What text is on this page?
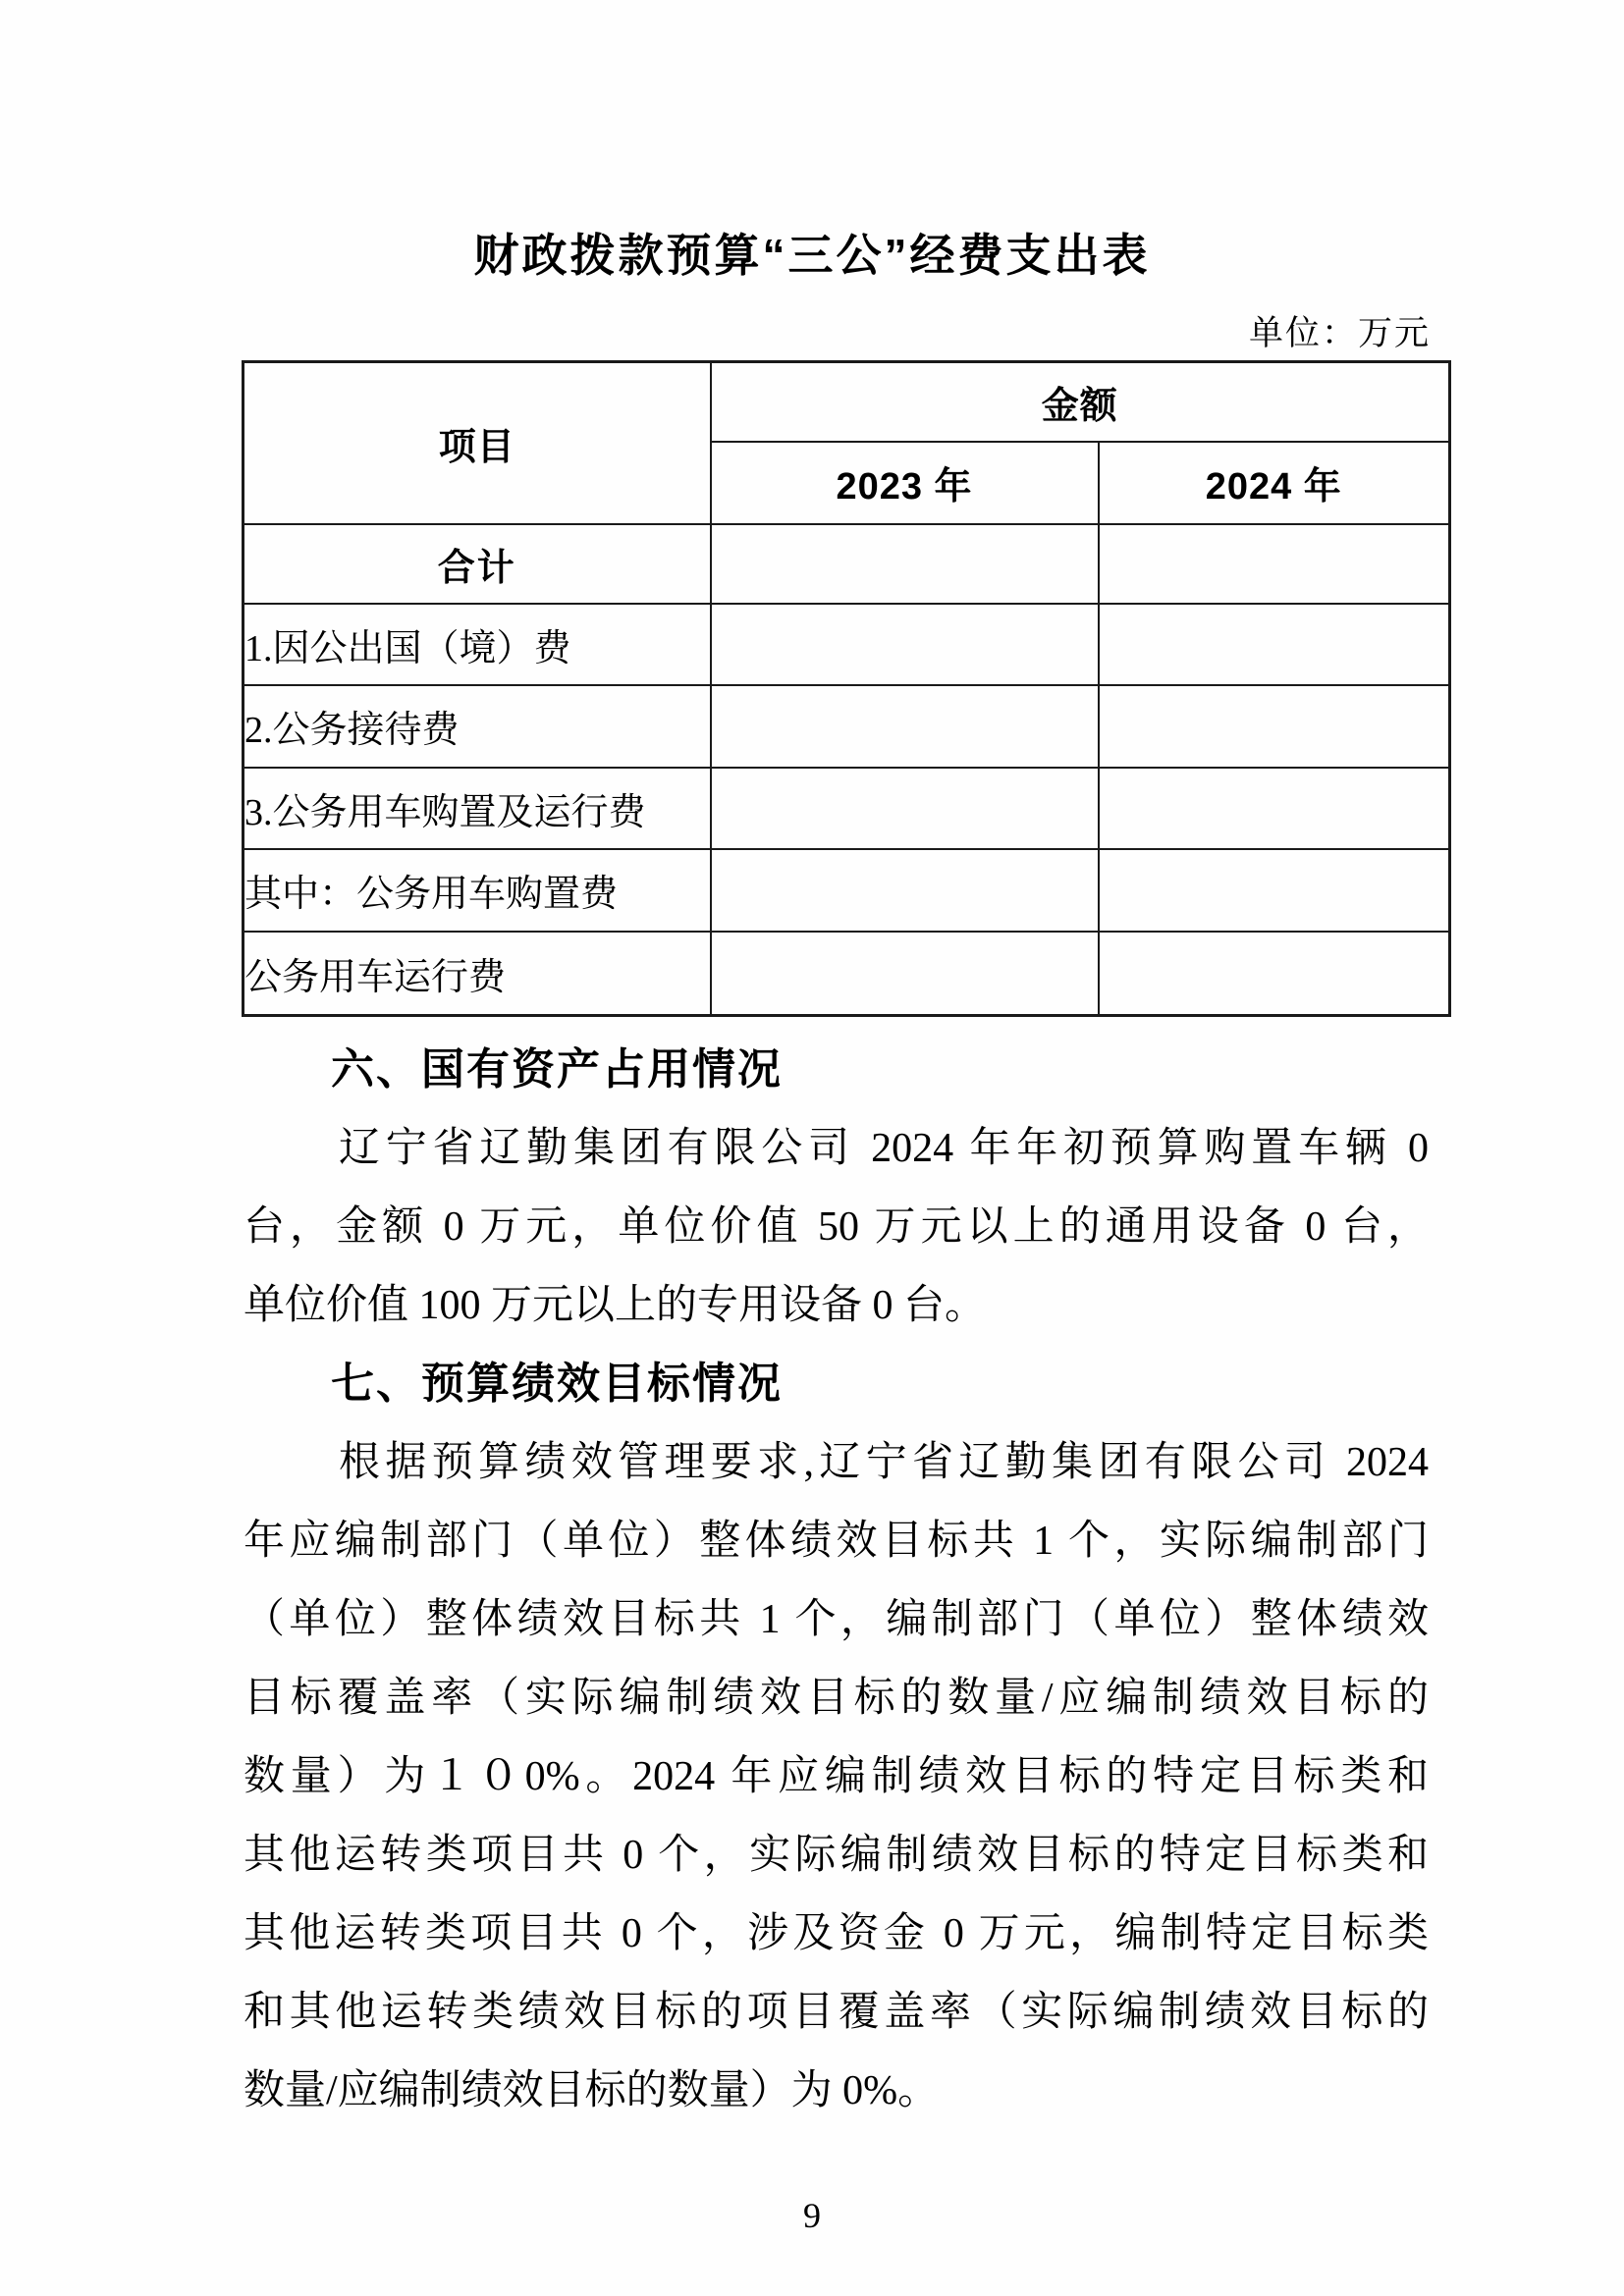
财政拨款预算“三公”经费支出表
单位：万元
项目	金额	
	2023 年	2024 年
合计		
1.因公出国（境）费		
2.公务接待费		
3.公务用车购置及运行费		
其中：公务用车购置费		
公务用车运行费		
六、国有资产占用情况
辽宁省辽勤集团有限公司 2024 年年初预算购置车辆 0
台，金额 0 万元，单位价值 50 万元以上的通用设备 0 台，
单位价值 100 万元以上的专用设备 0 台。
七、预算绩效目标情况
根据预算绩效管理要求,辽宁省辽勤集团有限公司 2024
年应编制部门（单位）整体绩效目标共 1 个，实际编制部门
（单位）整体绩效目标共 1 个，编制部门（单位）整体绩效
目标覆盖率（实际编制绩效目标的数量/应编制绩效目标的
数量）为１０0%。2024 年应编制绩效目标的特定目标类和
其他运转类项目共 0 个，实际编制绩效目标的特定目标类和
其他运转类项目共 0 个，涉及资金 0 万元，编制特定目标类
和其他运转类绩效目标的项目覆盖率（实际编制绩效目标的
数量/应编制绩效目标的数量）为 0%。
9
